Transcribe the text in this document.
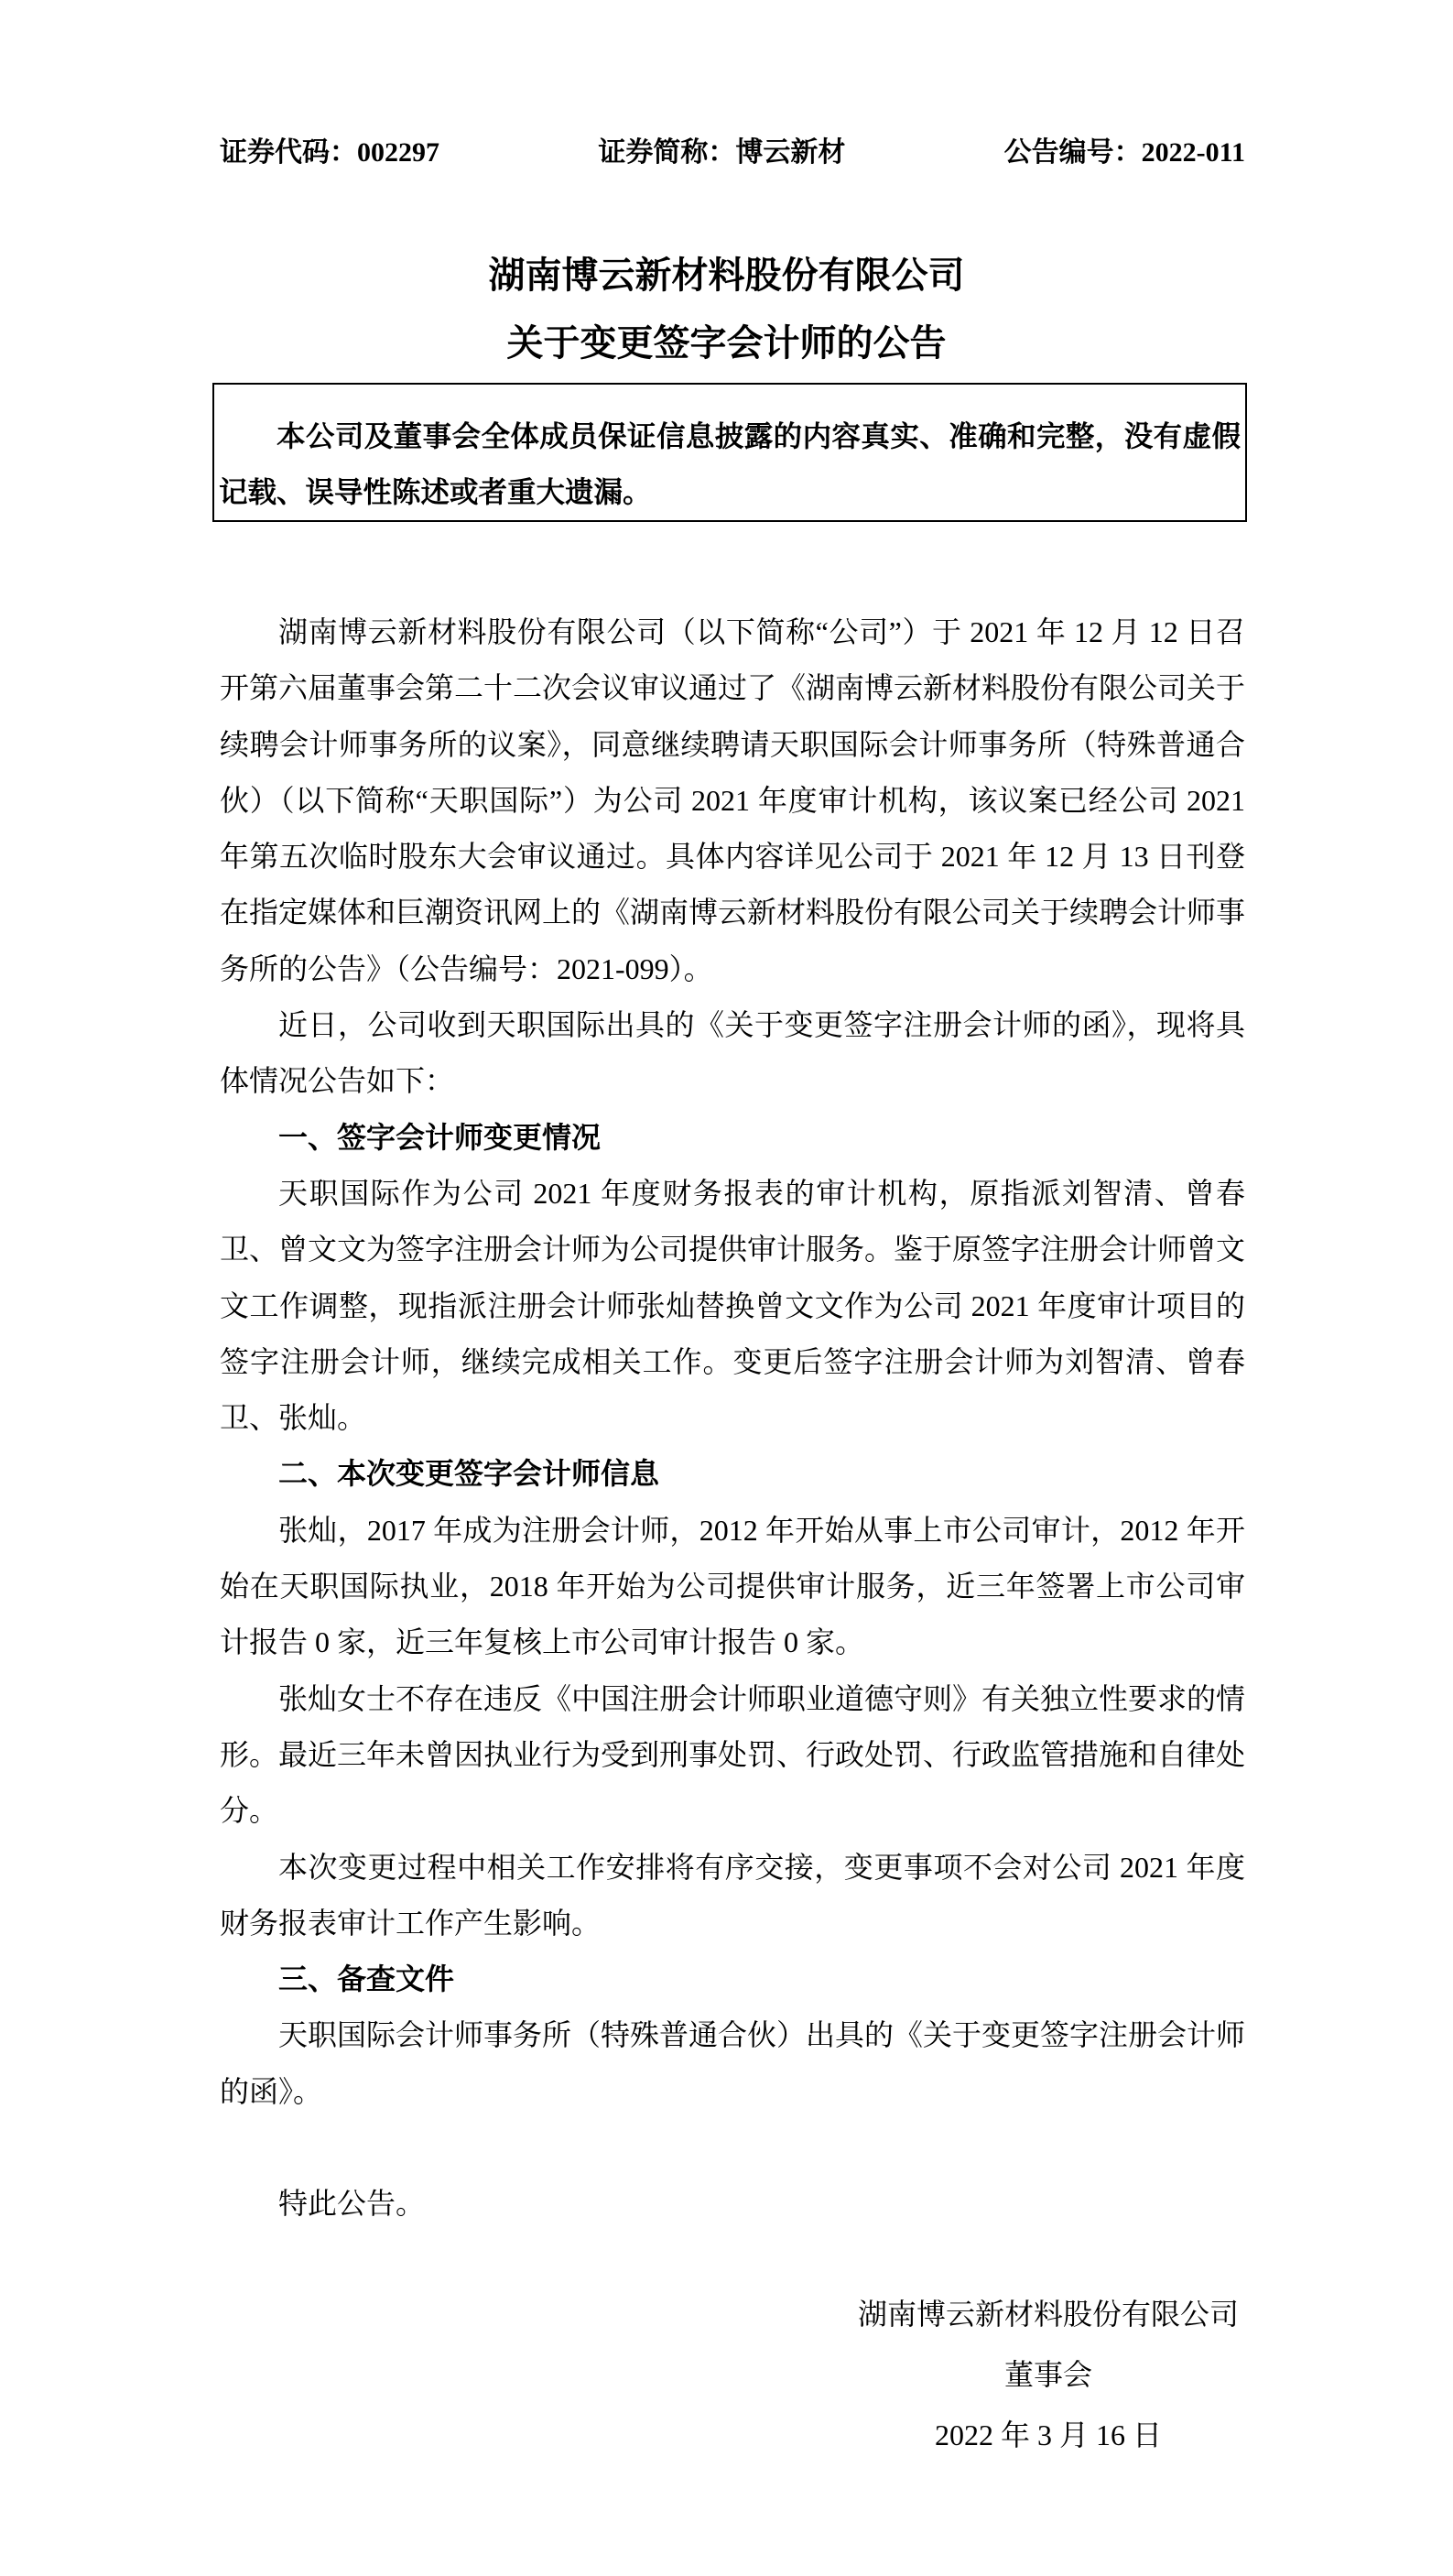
证券代码：002297	证券简称：博云新材	公告编号：2022-011
湖南博云新材料股份有限公司
关于变更签字会计师的公告
本公司及董事会全体成员保证信息披露的内容真实、准确和完整，没有虚假记载、误导性陈述或者重大遗漏。

湖南博云新材料股份有限公司（以下简称“公司”）于 2021 年 12 月 12 日召开第六届董事会第二十二次会议审议通过了《湖南博云新材料股份有限公司关于续聘会计师事务所的议案》，同意继续聘请天职国际会计师事务所（特殊普通合伙）（以下简称“天职国际”）为公司 2021 年度审计机构，该议案已经公司 2021 年第五次临时股东大会审议通过。具体内容详见公司于 2021 年 12 月 13 日刊登在指定媒体和巨潮资讯网上的《湖南博云新材料股份有限公司关于续聘会计师事务所的公告》（公告编号：2021-099）。

近日，公司收到天职国际出具的《关于变更签字注册会计师的函》，现将具体情况公告如下：

一、签字会计师变更情况

天职国际作为公司 2021 年度财务报表的审计机构，原指派刘智清、曾春卫、曾文文为签字注册会计师为公司提供审计服务。鉴于原签字注册会计师曾文文工作调整，现指派注册会计师张灿替换曾文文作为公司 2021 年度审计项目的签字注册会计师，继续完成相关工作。变更后签字注册会计师为刘智清、曾春卫、张灿。

二、本次变更签字会计师信息

张灿，2017 年成为注册会计师，2012 年开始从事上市公司审计，2012 年开始在天职国际执业，2018 年开始为公司提供审计服务，近三年签署上市公司审计报告 0 家，近三年复核上市公司审计报告 0 家。

张灿女士不存在违反《中国注册会计师职业道德守则》有关独立性要求的情形。最近三年未曾因执业行为受到刑事处罚、行政处罚、行政监管措施和自律处分。

本次变更过程中相关工作安排将有序交接，变更事项不会对公司 2021 年度财务报表审计工作产生影响。

三、备查文件

天职国际会计师事务所（特殊普通合伙）出具的《关于变更签字注册会计师的函》。

特此公告。

湖南博云新材料股份有限公司
董事会
2022 年 3 月 16 日
